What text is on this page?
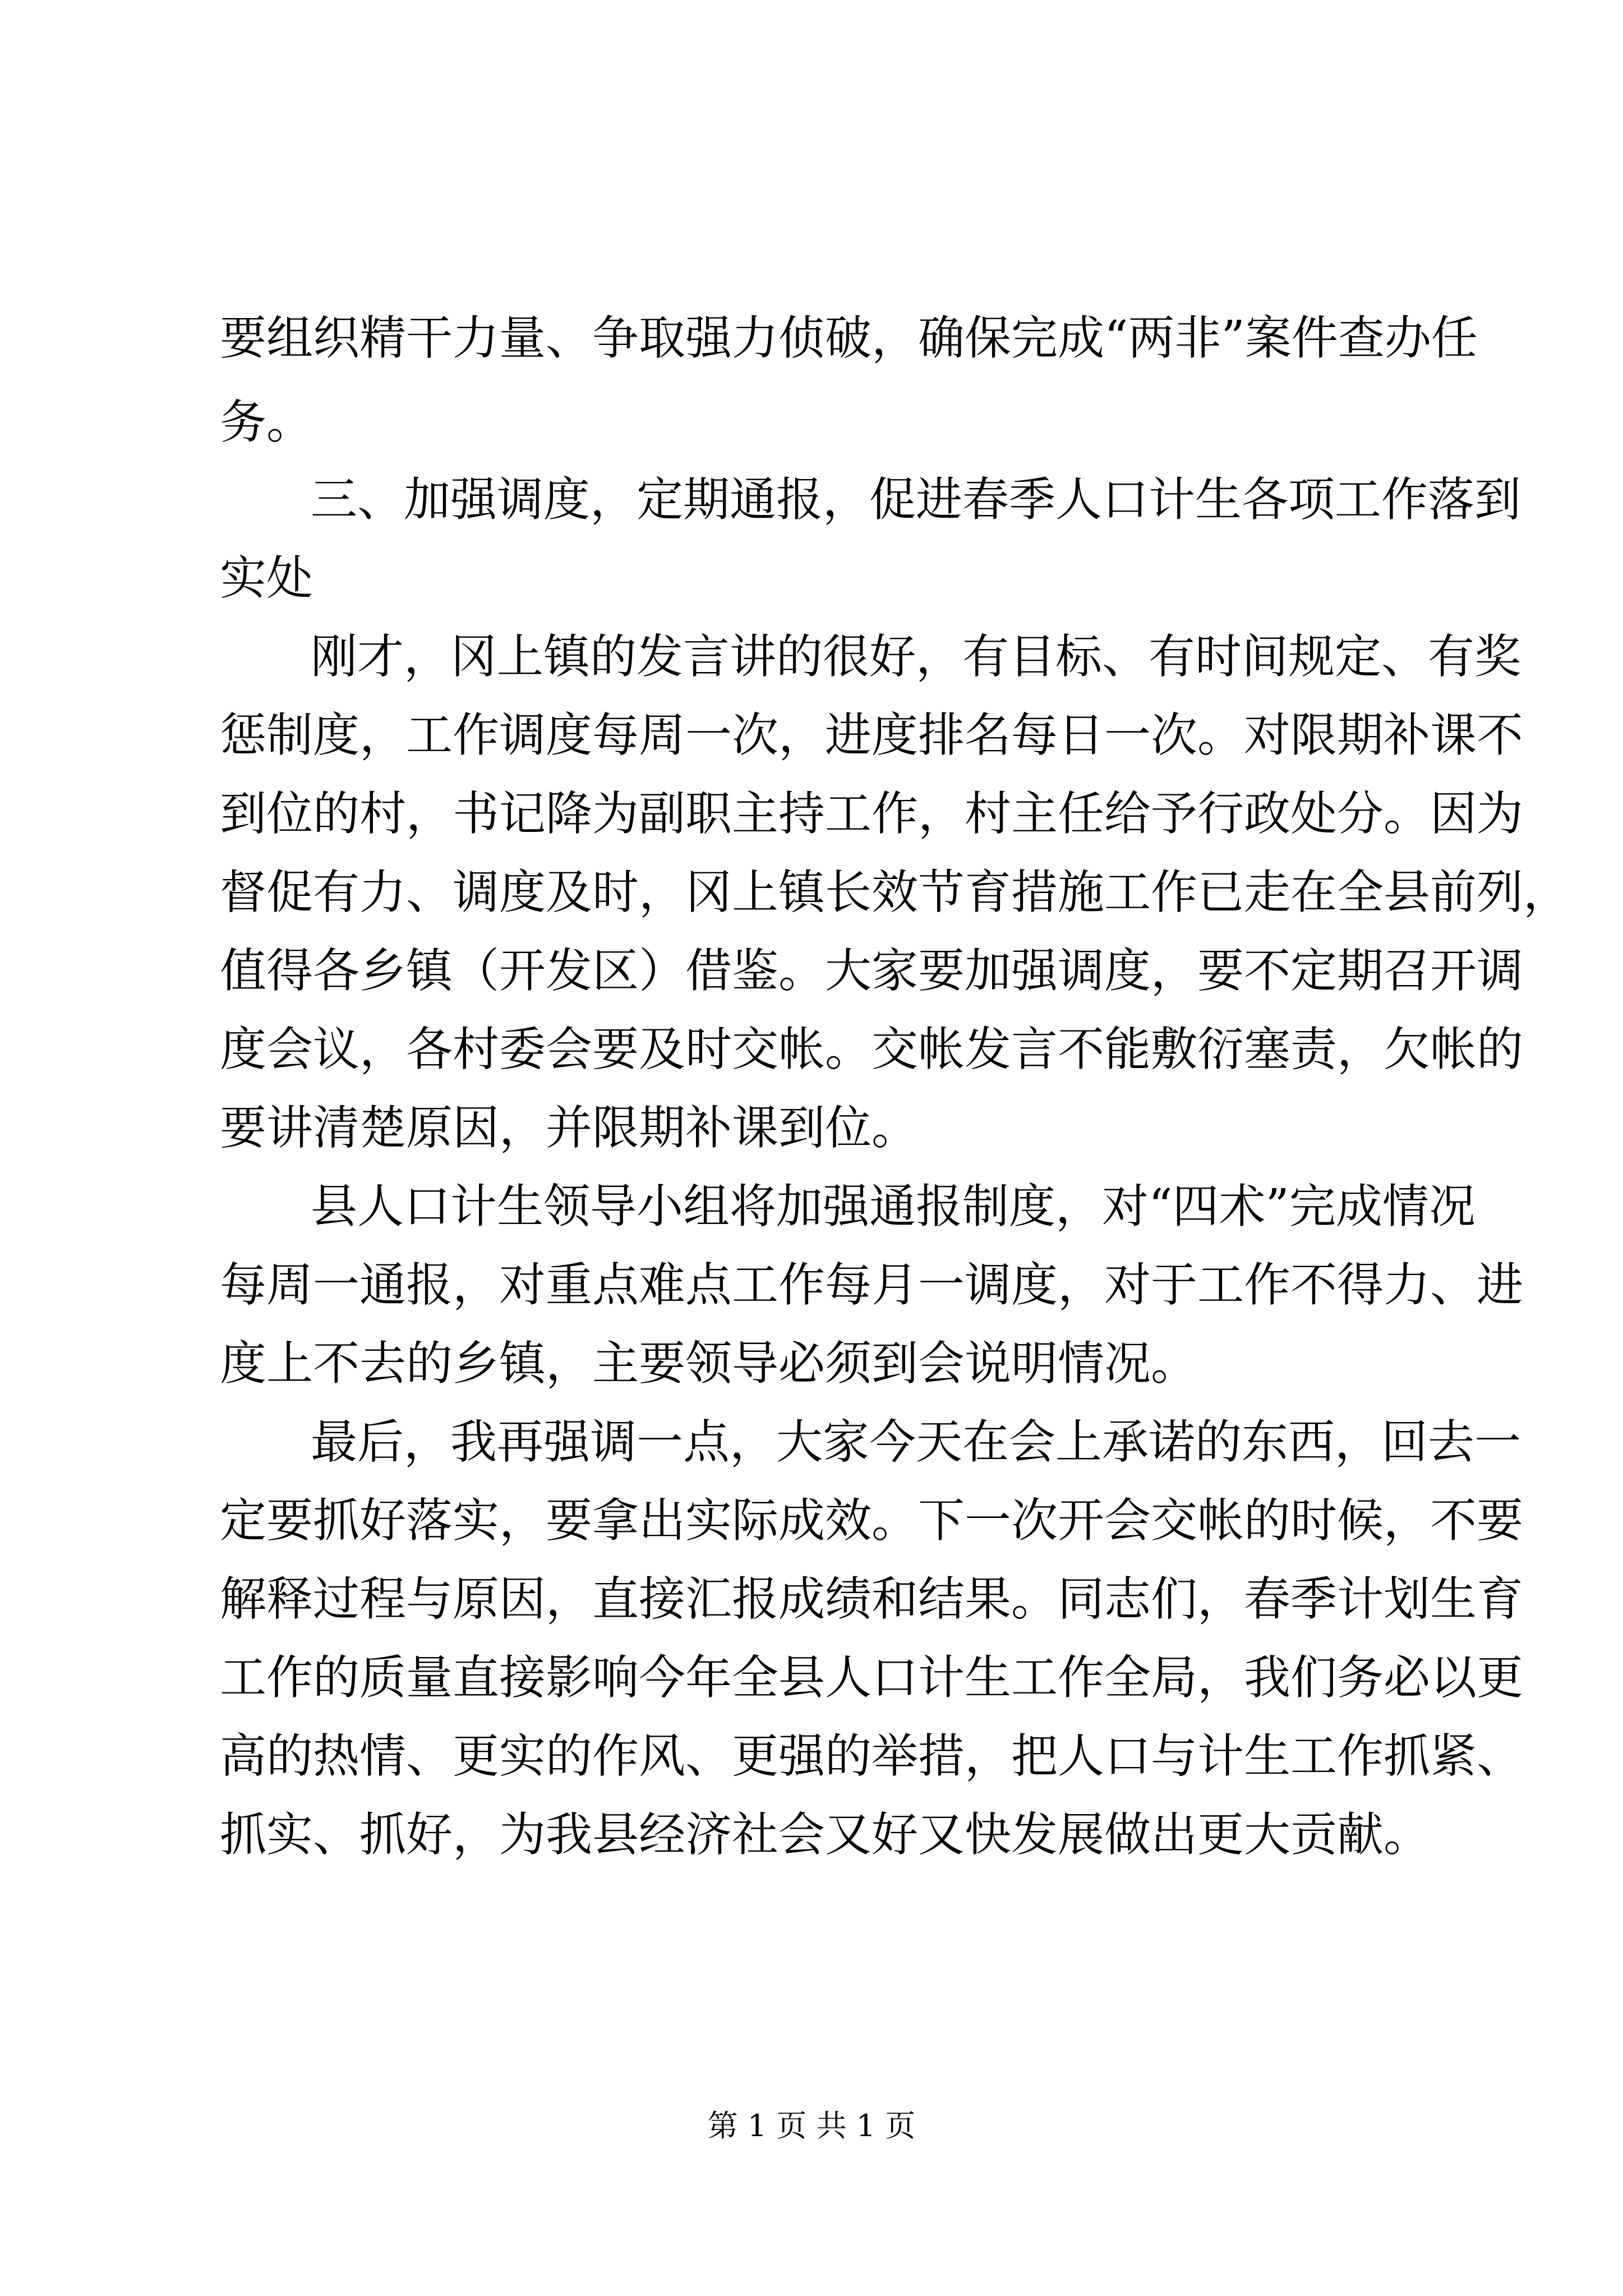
要组织精干力量、争取强力侦破，确保完成“两非”案件查办任
务。
三、加强调度，定期通报，促进春季人口计生各项工作落到
实处
刚才，冈上镇的发言讲的很好，有目标、有时间规定、有奖
惩制度，工作调度每周一次，进度排名每日一次。对限期补课不
到位的村，书记降为副职主持工作，村主任给予行政处分。因为
督促有力、调度及时，冈上镇长效节育措施工作已走在全县前列，
值得各乡镇（开发区）借鉴。大家要加强调度，要不定期召开调
度会议，各村委会要及时交帐。交帐发言不能敷衍塞责，欠帐的
要讲清楚原因，并限期补课到位。
县人口计生领导小组将加强通报制度，对“四术”完成情况
每周一通报，对重点难点工作每月一调度，对于工作不得力、进
度上不去的乡镇，主要领导必须到会说明情况。
最后，我再强调一点，大家今天在会上承诺的东西，回去一
定要抓好落实，要拿出实际成效。下一次开会交帐的时候，不要
解释过程与原因，直接汇报成绩和结果。同志们，春季计划生育
工作的质量直接影响今年全县人口计生工作全局，我们务必以更
高的热情、更实的作风、更强的举措，把人口与计生工作抓紧、
抓实、抓好，为我县经济社会又好又快发展做出更大贡献。
第 1 页 共 1 页
